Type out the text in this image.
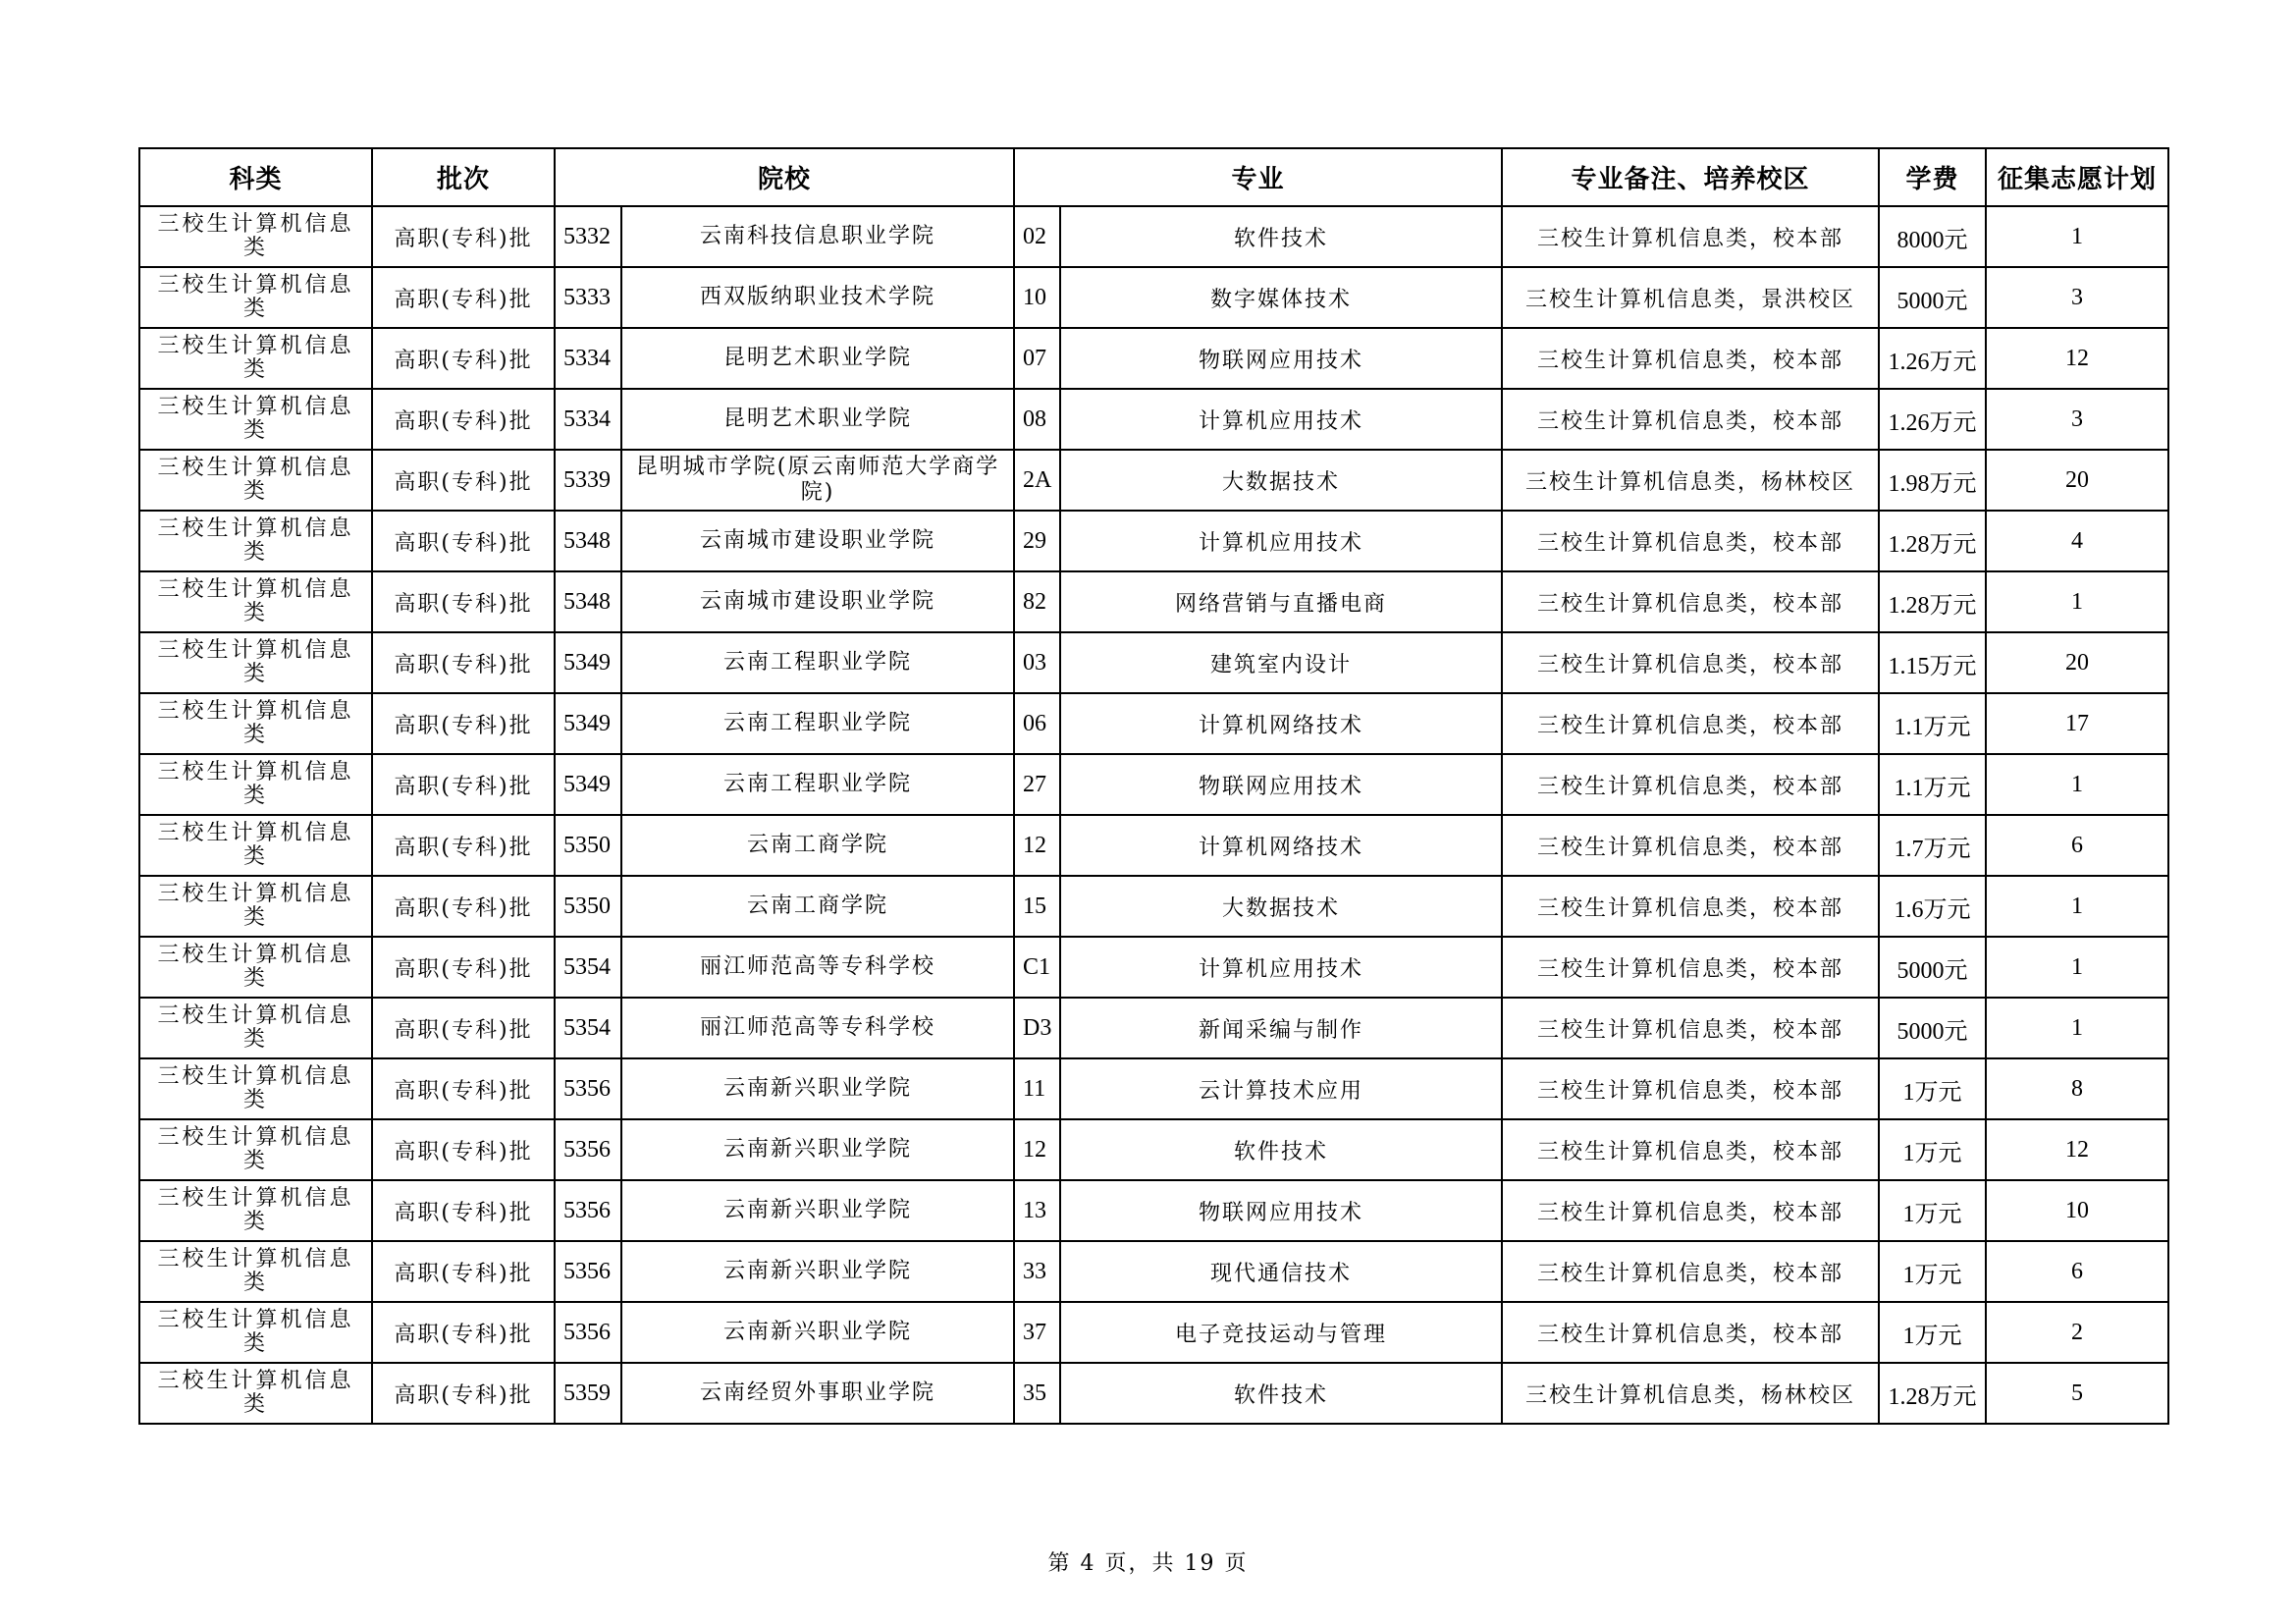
科类	批次	院校		专业		专业备注、培养校区	学费	征集志愿计划
三校生计算机信息类	高职(专科)批	5332	云南科技信息职业学院	02	软件技术	三校生计算机信息类，校本部	8000元	1
三校生计算机信息类	高职(专科)批	5333	西双版纳职业技术学院	10	数字媒体技术	三校生计算机信息类，景洪校区	5000元	3
三校生计算机信息类	高职(专科)批	5334	昆明艺术职业学院	07	物联网应用技术	三校生计算机信息类，校本部	1.26万元	12
三校生计算机信息类	高职(专科)批	5334	昆明艺术职业学院	08	计算机应用技术	三校生计算机信息类，校本部	1.26万元	3
三校生计算机信息类	高职(专科)批	5339	昆明城市学院(原云南师范大学商学院)	2A	大数据技术	三校生计算机信息类，杨林校区	1.98万元	20
三校生计算机信息类	高职(专科)批	5348	云南城市建设职业学院	29	计算机应用技术	三校生计算机信息类，校本部	1.28万元	4
三校生计算机信息类	高职(专科)批	5348	云南城市建设职业学院	82	网络营销与直播电商	三校生计算机信息类，校本部	1.28万元	1
三校生计算机信息类	高职(专科)批	5349	云南工程职业学院	03	建筑室内设计	三校生计算机信息类，校本部	1.15万元	20
三校生计算机信息类	高职(专科)批	5349	云南工程职业学院	06	计算机网络技术	三校生计算机信息类，校本部	1.1万元	17
三校生计算机信息类	高职(专科)批	5349	云南工程职业学院	27	物联网应用技术	三校生计算机信息类，校本部	1.1万元	1
三校生计算机信息类	高职(专科)批	5350	云南工商学院	12	计算机网络技术	三校生计算机信息类，校本部	1.7万元	6
三校生计算机信息类	高职(专科)批	5350	云南工商学院	15	大数据技术	三校生计算机信息类，校本部	1.6万元	1
三校生计算机信息类	高职(专科)批	5354	丽江师范高等专科学校	C1	计算机应用技术	三校生计算机信息类，校本部	5000元	1
三校生计算机信息类	高职(专科)批	5354	丽江师范高等专科学校	D3	新闻采编与制作	三校生计算机信息类，校本部	5000元	1
三校生计算机信息类	高职(专科)批	5356	云南新兴职业学院	11	云计算技术应用	三校生计算机信息类，校本部	1万元	8
三校生计算机信息类	高职(专科)批	5356	云南新兴职业学院	12	软件技术	三校生计算机信息类，校本部	1万元	12
三校生计算机信息类	高职(专科)批	5356	云南新兴职业学院	13	物联网应用技术	三校生计算机信息类，校本部	1万元	10
三校生计算机信息类	高职(专科)批	5356	云南新兴职业学院	33	现代通信技术	三校生计算机信息类，校本部	1万元	6
三校生计算机信息类	高职(专科)批	5356	云南新兴职业学院	37	电子竞技运动与管理	三校生计算机信息类，校本部	1万元	2
三校生计算机信息类	高职(专科)批	5359	云南经贸外事职业学院	35	软件技术	三校生计算机信息类，杨林校区	1.28万元	5
第 4 页，共 19 页
